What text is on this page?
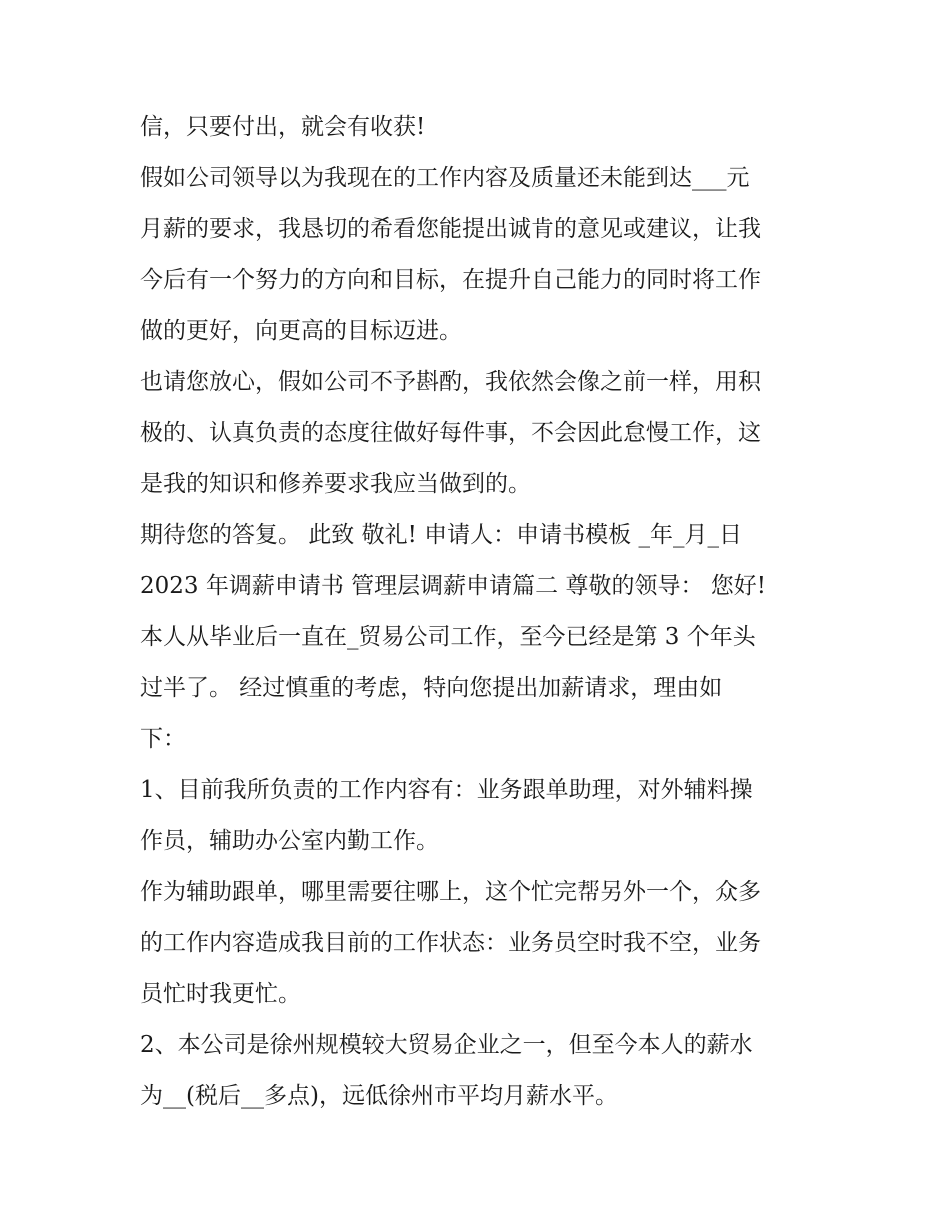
信，只要付出，就会有收获!
假如公司领导以为我现在的工作内容及质量还未能到达___元
月薪的要求，我恳切的希看您能提出诚肯的意见或建议，让我
今后有一个努力的方向和目标，在提升自己能力的同时将工作
做的更好，向更高的目标迈进。
也请您放心，假如公司不予斟酌，我依然会像之前一样，用积
极的、认真负责的态度往做好每件事，不会因此怠慢工作，这
是我的知识和修养要求我应当做到的。
期待您的答复。 此致 敬礼! 申请人：申请书模板 _年_月_日
2023 年调薪申请书 管理层调薪申请篇二 尊敬的领导： 您好!
本人从毕业后一直在_贸易公司工作，至今已经是第 3 个年头
过半了。 经过慎重的考虑，特向您提出加薪请求，理由如
下：
1、目前我所负责的工作内容有：业务跟单助理，对外辅料操
作员，辅助办公室内勤工作。
作为辅助跟单，哪里需要往哪上，这个忙完帮另外一个，众多
的工作内容造成我目前的工作状态：业务员空时我不空，业务
员忙时我更忙。
2、本公司是徐州规模较大贸易企业之一，但至今本人的薪水
为__(税后__多点)，远低徐州市平均月薪水平。
